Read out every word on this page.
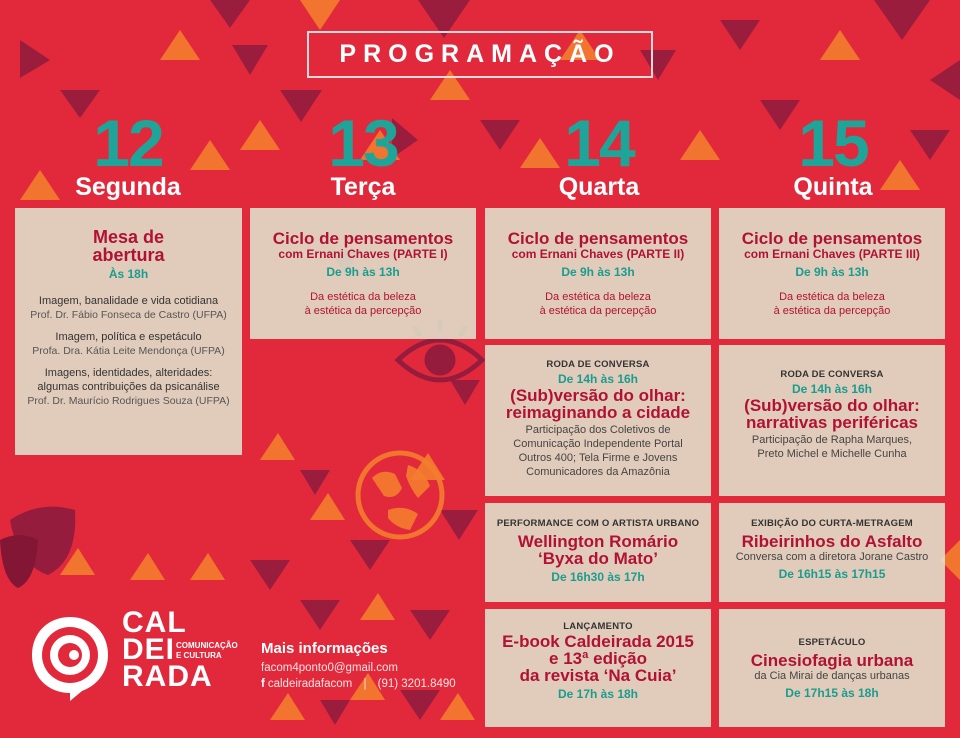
PROGRAMAÇÃO
12
Segunda
13
Terça
14
Quarta
15
Quinta
Mesa de
abertura
Às 18h
Imagem, banalidade e vida cotidiana
Prof. Dr. Fábio Fonseca de Castro (UFPA)
Imagem, política e espetáculo
Profa. Dra. Kátia Leite Mendonça (UFPA)
Imagens, identidades, alteridades:
algumas contribuições da psicanálise
Prof. Dr. Maurício Rodrigues Souza (UFPA)
Ciclo de pensamentos
com Ernani Chaves (PARTE I)
De 9h às 13h
Da estética da beleza
à estética da percepção
Ciclo de pensamentos
com Ernani Chaves (PARTE II)
De 9h às 13h
Da estética da beleza
à estética da percepção
Ciclo de pensamentos
com Ernani Chaves (PARTE III)
De 9h às 13h
Da estética da beleza
à estética da percepção
RODA DE CONVERSA
De 14h às 16h
(Sub)versão do olhar:
reimaginando a cidade
Participação dos Coletivos de
Comunicação Independente Portal
Outros 400; Tela Firme e Jovens
Comunicadores da Amazônia
RODA DE CONVERSA
De 14h às 16h
(Sub)versão do olhar:
narrativas periféricas
Participação de Rapha Marques,
Preto Michel e Michelle Cunha
PERFORMANCE COM O ARTISTA URBANO
Wellington Romário
‘Byxa do Mato’
De 16h30 às 17h
EXIBIÇÃO DO CURTA-METRAGEM
Ribeirinhos do Asfalto
Conversa com a diretora Jorane Castro
De 16h15 às 17h15
LANÇAMENTO
E-book Caldeirada 2015
e 13ª edição
da revista ‘Na Cuia’
De 17h às 18h
ESPETÁCULO
Cinesiofagia urbana
da Cia Mirai de danças urbanas
De 17h15 às 18h
CAL
DEI
RADA
COMUNICAÇÃO
E CULTURA	Mais informações
facom4ponto0@gmail.com
f caldeiradafacom | (91) 3201.8490
